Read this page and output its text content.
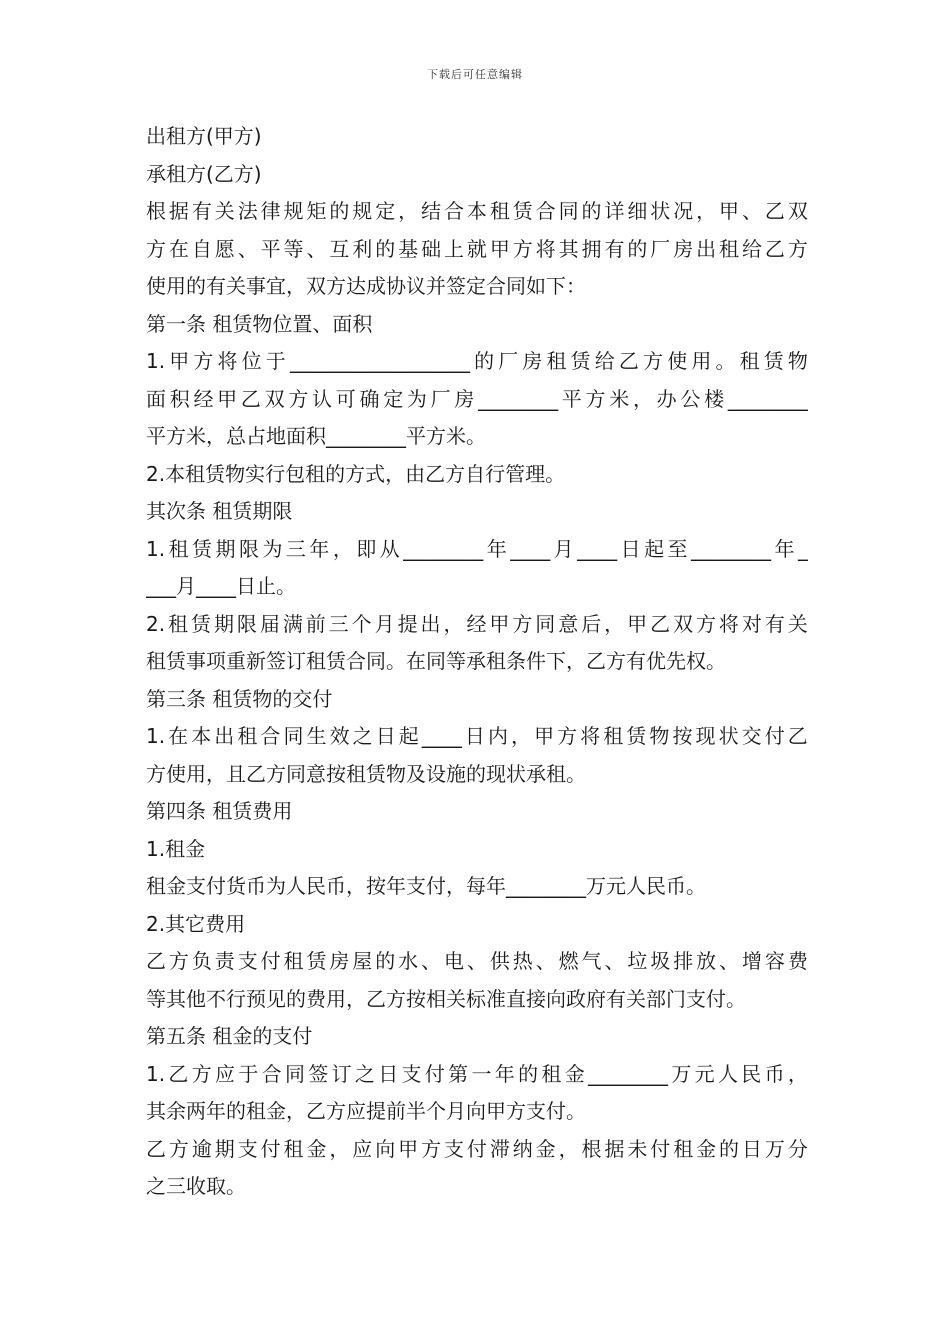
下载后可任意编辑
出租方(甲方)
承租方(乙方)
根 据 有 关 法 律 规 矩 的 规 定 ， 结 合 本 租 赁 合 同 的 详 细 状 况 ， 甲 、 乙 双
方 在 自 愿 、 平 等 、 互 利 的 基 础 上 就 甲 方 将 其 拥 有 的 厂 房 出 租 给 乙 方
使用的有关事宜，双方达成协议并签定合同如下：
第一条 租赁物位置、面积
1. 甲 方 将 位 于 __________________ 的 厂 房 租 赁 给 乙 方 使 用 。 租 赁 物
面 积 经 甲 乙 双 方 认 可 确 定 为 厂 房 ________ 平 方 米 ， 办 公 楼 ________
平方米，总占地面积________平方米。
2.本租赁物实行包租的方式，由乙方自行管理。
其次条 租赁期限
1. 租 赁 期 限 为 三 年 ， 即 从 ________ 年 ____ 月 ____ 日 起 至 ________ 年 _
___月____日止。
2. 租 赁 期 限 届 满 前 三 个 月 提 出 ， 经 甲 方 同 意 后 ， 甲 乙 双 方 将 对 有 关
租赁事项重新签订租赁合同。在同等承租条件下，乙方有优先权。
第三条 租赁物的交付
1. 在 本 出 租 合 同 生 效 之 日 起 ____ 日 内 ， 甲 方 将 租 赁 物 按 现 状 交 付 乙
方使用，且乙方同意按租赁物及设施的现状承租。
第四条 租赁费用
1.租金
租金支付货币为人民币，按年支付，每年________万元人民币。
2.其它费用
乙 方 负 责 支 付 租 赁 房 屋 的 水 、 电 、 供 热 、 燃 气 、 垃 圾 排 放 、 增 容 费
等其他不行预见的费用，乙方按相关标准直接向政府有关部门支付。
第五条 租金的支付
1. 乙 方 应 于 合 同 签 订 之 日 支 付 第 一 年 的 租 金 ________ 万 元 人 民 币 ，
其余两年的租金，乙方应提前半个月向甲方支付。
乙 方 逾 期 支 付 租 金 ， 应 向 甲 方 支 付 滞 纳 金 ， 根 据 未 付 租 金 的 日 万 分
之三收取。
